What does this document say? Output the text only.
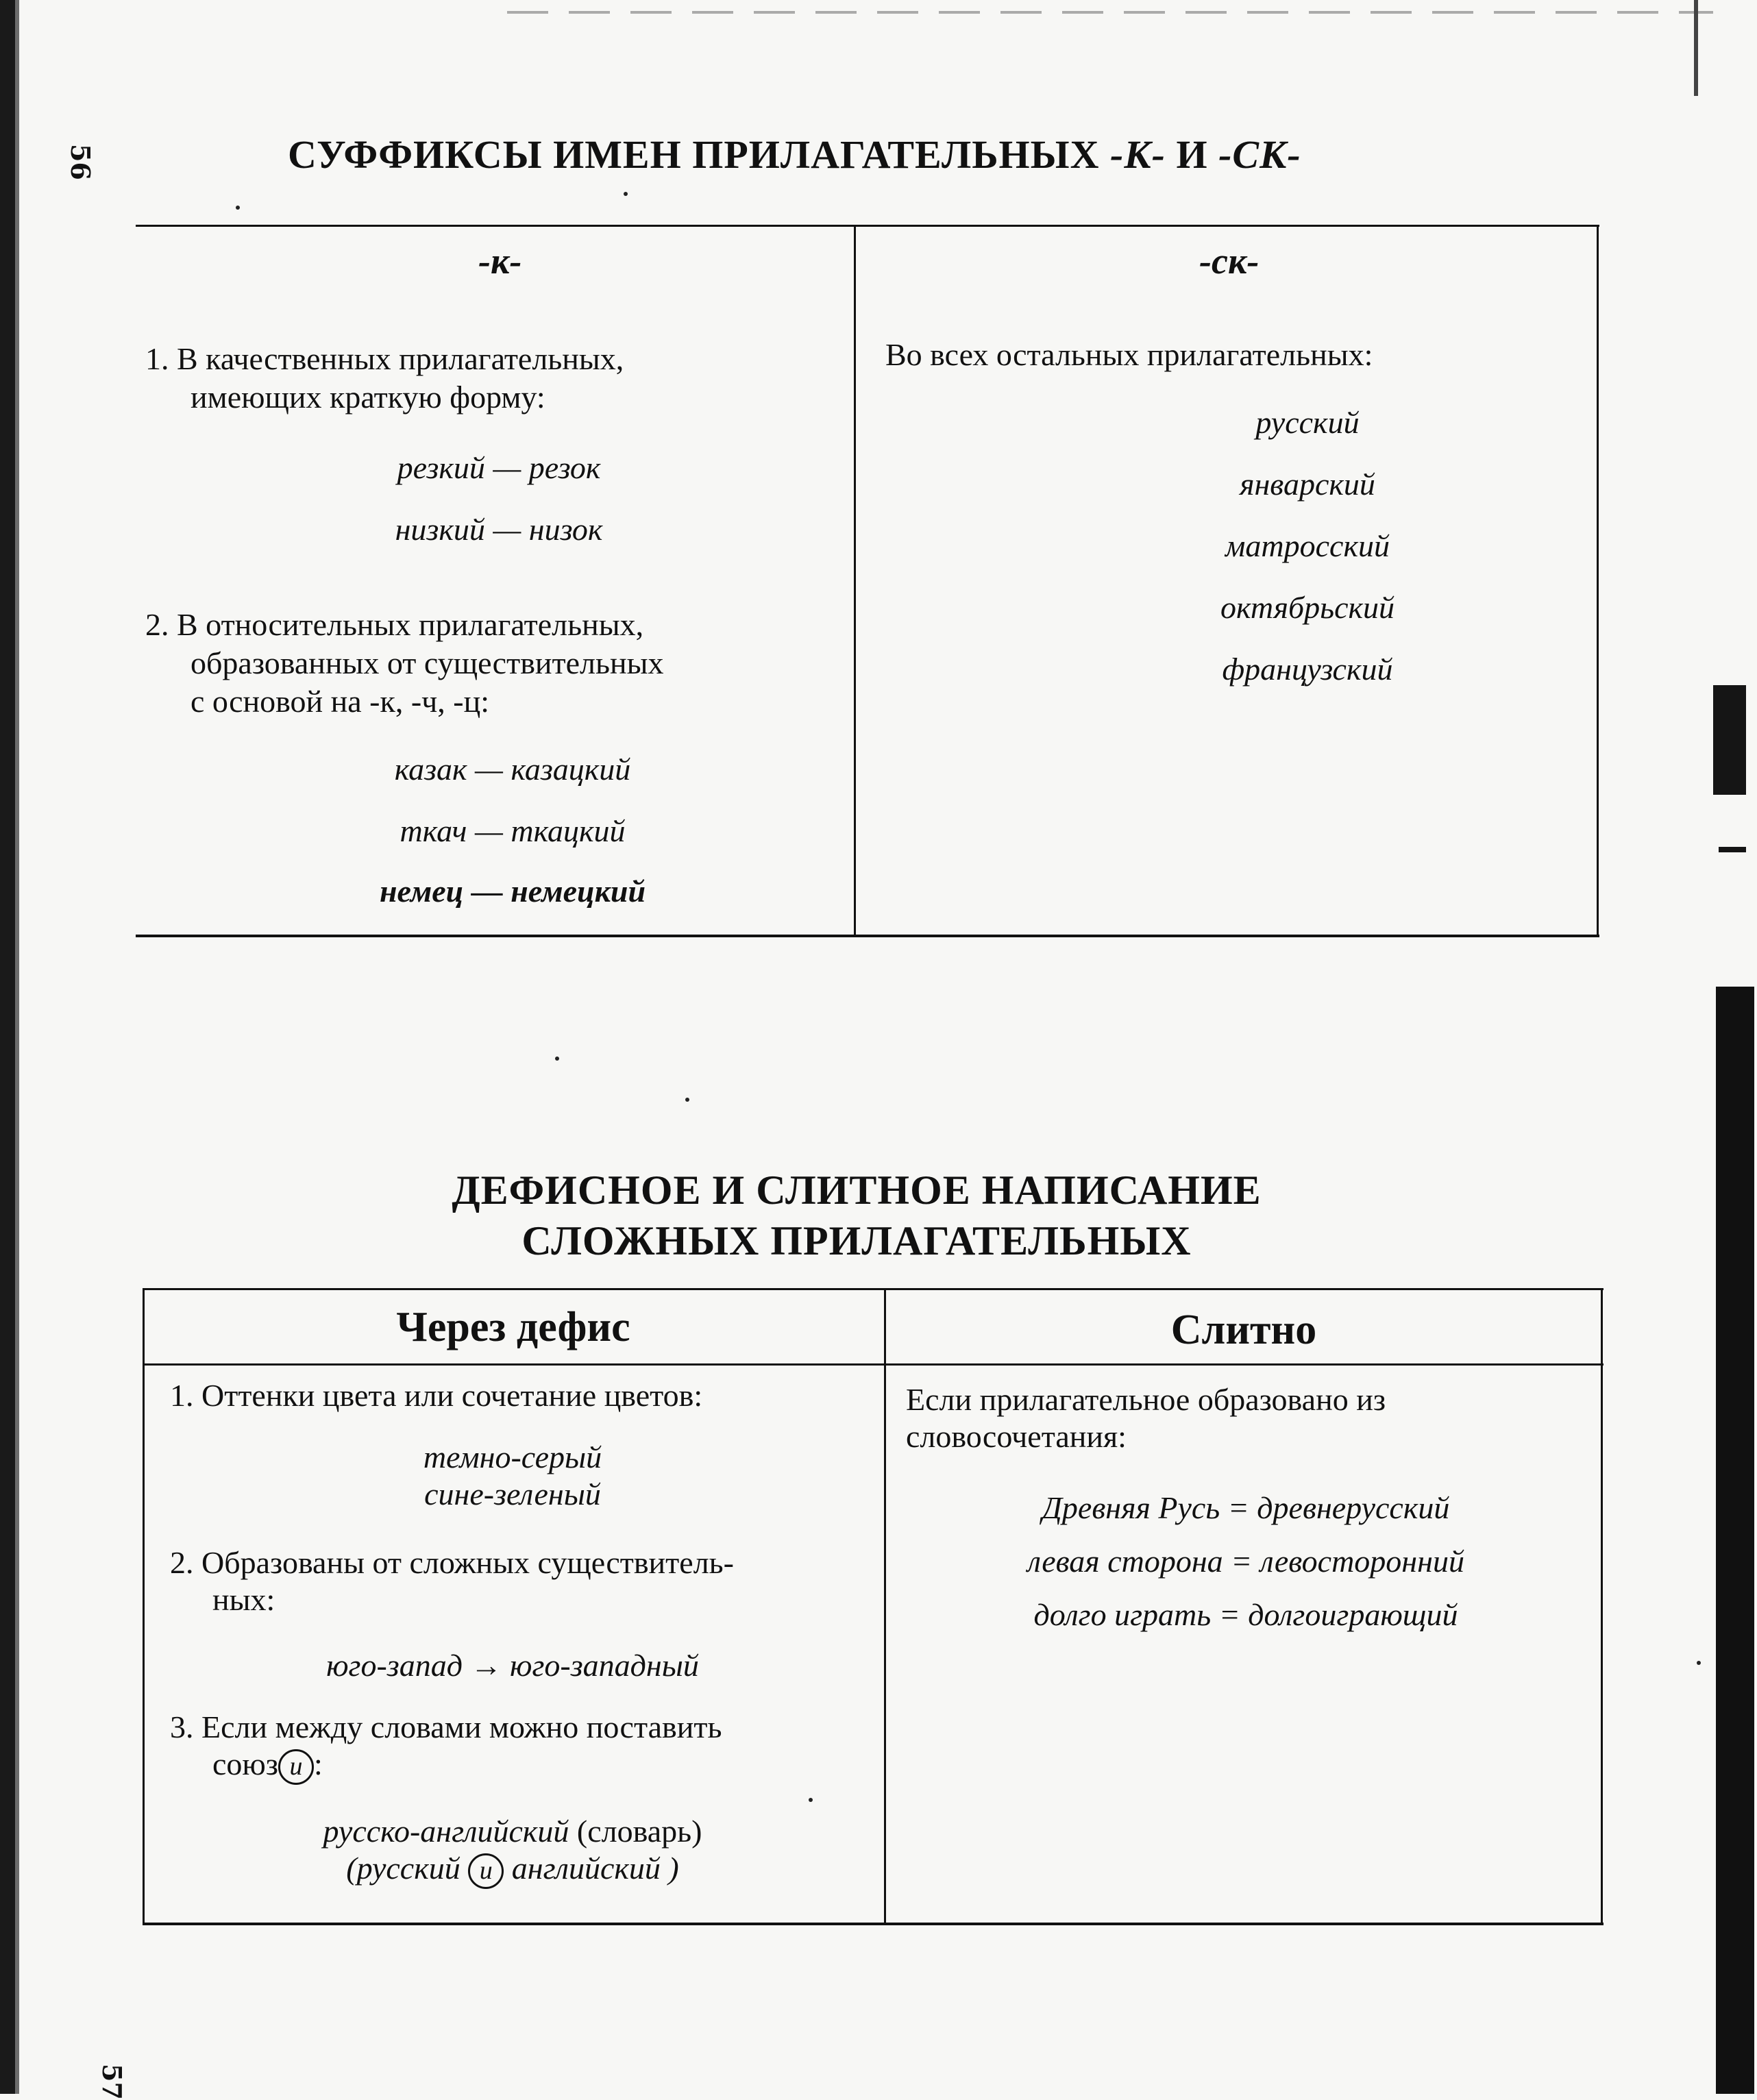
56
57
СУФФИКСЫ ИМЕН ПРИЛАГАТЕЛЬНЫХ -К- И -СК-
-к-	-ск-
1. В качественных прилагательных,
имеющих краткую форму:
резкий — резок
низкий — низок
2. В относительных прилагательных,
образованных от существительных
с основой на -к, -ч, -ц:
казак — казацкий
ткач — ткацкий
немец — немецкий
Во всех остальных прилагательных:
русский
январский
матросский
октябрьский
французский
ДЕФИСНОЕ И СЛИТНОЕ НАПИСАНИЕ
СЛОЖНЫХ ПРИЛАГАТЕЛЬНЫХ
Через дефис	Слитно
1. Оттенки цвета или сочетание цветов:
темно-серый
сине-зеленый
2. Образованы от сложных существитель-
ных:
юго-запад → юго-западный
3. Если между словами можно поставить
союз и :
русско-английский (словарь)
(русский и английский )
Если прилагательное образовано из
словосочетания:
Древняя Русь = древнерусский
левая сторона = левосторонний
долго играть = долгоиграющий
